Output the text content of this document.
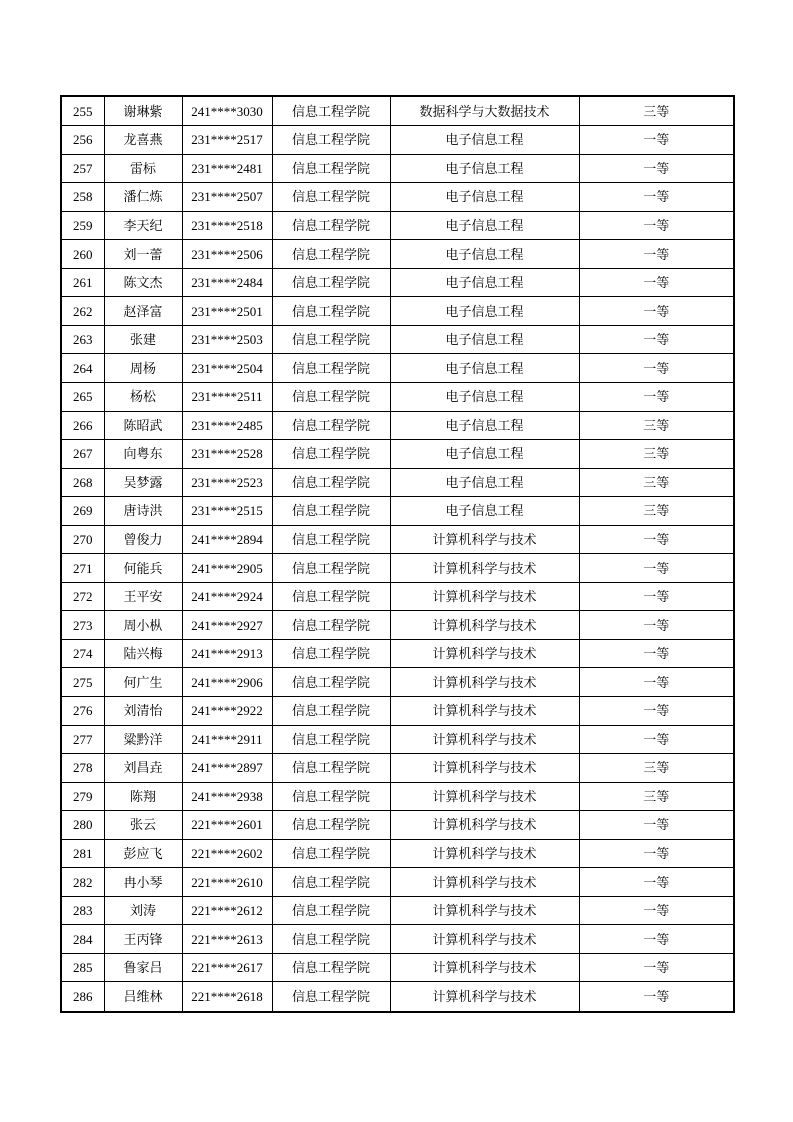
255	谢琳紫	241****3030	信息工程学院	数据科学与大数据技术	三等
256	龙喜燕	231****2517	信息工程学院	电子信息工程	一等
257	雷标	231****2481	信息工程学院	电子信息工程	一等
258	潘仁炼	231****2507	信息工程学院	电子信息工程	一等
259	李天纪	231****2518	信息工程学院	电子信息工程	一等
260	刘一蕾	231****2506	信息工程学院	电子信息工程	一等
261	陈文杰	231****2484	信息工程学院	电子信息工程	一等
262	赵泽富	231****2501	信息工程学院	电子信息工程	一等
263	张建	231****2503	信息工程学院	电子信息工程	一等
264	周杨	231****2504	信息工程学院	电子信息工程	一等
265	杨松	231****2511	信息工程学院	电子信息工程	一等
266	陈昭武	231****2485	信息工程学院	电子信息工程	三等
267	向粤东	231****2528	信息工程学院	电子信息工程	三等
268	吴梦露	231****2523	信息工程学院	电子信息工程	三等
269	唐诗洪	231****2515	信息工程学院	电子信息工程	三等
270	曾俊力	241****2894	信息工程学院	计算机科学与技术	一等
271	何能兵	241****2905	信息工程学院	计算机科学与技术	一等
272	王平安	241****2924	信息工程学院	计算机科学与技术	一等
273	周小枞	241****2927	信息工程学院	计算机科学与技术	一等
274	陆兴梅	241****2913	信息工程学院	计算机科学与技术	一等
275	何广生	241****2906	信息工程学院	计算机科学与技术	一等
276	刘清怡	241****2922	信息工程学院	计算机科学与技术	一等
277	粱黔洋	241****2911	信息工程学院	计算机科学与技术	一等
278	刘昌垚	241****2897	信息工程学院	计算机科学与技术	三等
279	陈翔	241****2938	信息工程学院	计算机科学与技术	三等
280	张云	221****2601	信息工程学院	计算机科学与技术	一等
281	彭应飞	221****2602	信息工程学院	计算机科学与技术	一等
282	冉小琴	221****2610	信息工程学院	计算机科学与技术	一等
283	刘涛	221****2612	信息工程学院	计算机科学与技术	一等
284	王丙锋	221****2613	信息工程学院	计算机科学与技术	一等
285	鲁家吕	221****2617	信息工程学院	计算机科学与技术	一等
286	吕维林	221****2618	信息工程学院	计算机科学与技术	一等
